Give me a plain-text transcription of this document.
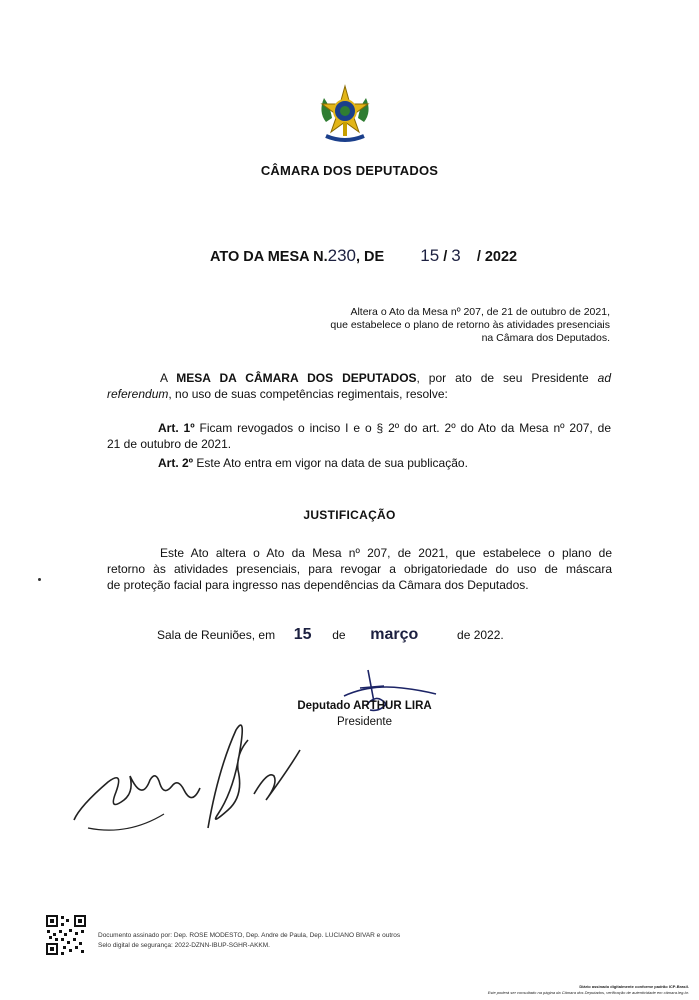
CÂMARA DOS DEPUTADOS
ATO DA MESA N.230, DE 15 / 3 / 2022
Altera o Ato da Mesa nº 207, de 21 de outubro de 2021,
que estabelece o plano de retorno às atividades presenciais
na Câmara dos Deputados.
A MESA DA CÂMARA DOS DEPUTADOS, por ato de seu Presidente ad
referendum, no uso de suas competências regimentais, resolve:
Art. 1º Ficam revogados o inciso I e o § 2º do art. 2º do Ato da Mesa nº 207, de
21 de outubro de 2021.
Art. 2º Este Ato entra em vigor na data de sua publicação.
JUSTIFICAÇÃO
Este Ato altera o Ato da Mesa nº 207, de 2021, que estabelece o plano de
retorno às atividades presenciais, para revogar a obrigatoriedade do uso de máscara
de proteção facial para ingresso nas dependências da Câmara dos Deputados.
Sala de Reuniões, em 15 de março	de 2022.
Deputado ARTHUR LIRA
Presidente
Documento assinado por: Dep. ROSE MODESTO, Dep. Andre de Paula, Dep. LUCIANO BIVAR e outros
Selo digital de segurança: 2022-DZNN-IBUP-SGHR-AKKM.
Diário assinado digitalmente conforme padrão ICP-Brasil.
Este poderá ser consultado na página da Câmara dos Deputados, verificação de autenticidade em câmara.leg.br.
